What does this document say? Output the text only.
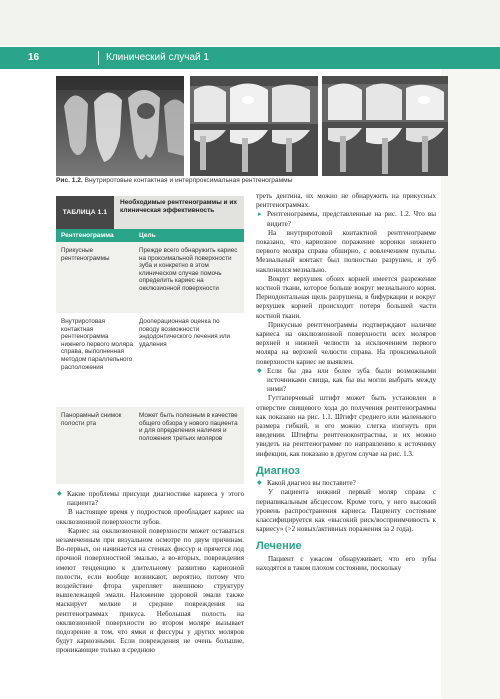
16	Клинический случай 1
Рис. 1.2. Внутриротовые контактная и интерпроксимальная рентгенограммы
ТАБЛИЦА 1.1
Необходимые рентгенограммы и их клиническая эффективность
Рентгенограмма	Цель
Прикусные рентгенограммы
Прежде всего обнаружить кариес на проксимальной поверхности зуба и конкретно в этом клиническом случае помочь определить кариес на окклюзионной поверхности
Внутриротовая контактная рентгенограмма нижнего первого моляра справа, выполненная методом параллельного расположения
Дооперационная оценка по поводу возможности эндодонтического лечения или удаления
Панорамный снимок полости рта
Может быть полезным в качестве общего обзора у нового пациента и для определения наличия и положения третьих моляров

◆ Какие проблемы присущи диагностике кариеса у этого пациента?

В настоящее время у подростков преобладает кариес на окклюзионной поверхности зубов.

Кариес на окклюзионной поверхности может оставаться незамеченным при визуальном осмотре по двум причинам. Во-первых, он начинается на стенках фиссур и прячется под прочной поверхностной эмалью, а во-вторых, повреждения имеют тенденцию к длительному развитию кариозной полости, если вообще возникают, вероятно, потому что воздействие фтора укрепляет внешнюю структуру вышележащей эмали. Наложение здоровой эмали также маскирует мелкие и средние повреждения на рентгенограммах прикуса. Небольшая полость на окклюзионной поверхности во втором моляре вызывает подозрение в том, что ямки и фиссуры у других моляров будут кариозными. Если повреждения не очень большие, проникающие только в среднюю

треть дентина, их можно не обнаружить на прикусных рентгенограммах.

▸ Рентгенограммы, представленные на рис. 1.2. Что вы видите?

На внутриротовой контактной рентгенограмме показано, что кариозное поражение коронки нижнего первого моляра справа обширно, с вовлечением пульпы. Мезиальный контакт был полностью разрушен, и зуб наклонился мезиально.

Вокруг верхушек обоих корней имеется разрежение костной ткани, которое больше вокруг мезиального корня. Периодонтальная щель разрушена, в бифуркации и вокруг верхушек корней происходит потеря большей части костной ткани.

Прикусные рентгенограммы подтверждают наличие кариеса на окклюзионной поверхности всех моляров верхней и нижней челюсти за исключением первого моляра на верхней челюсти справа. На проксимальной поверхности кариес не выявлен.

◆ Если бы два или более зуба были возможными источниками свища, как бы вы могли выбрать между ними?

Гуттаперчевый штифт может быть установлен в отверстие свищевого хода до получения рентгенограммы как показано на рис. 1.1. Штифт среднего или маленького размера гибкий, и его можно слегка изогнуть при введении. Штифты рентгеноконтрастны, и их можно увидеть на рентгенограмме по направлению к источнику инфекции, как показано в другом случае на рис. 1.3.

Диагноз

◆ Какой диагноз вы поставите?

У пациента нижний первый моляр справа с периапикальным абсцессом. Кроме того, у него высокий уровень распространения кариеса. Пациенту состояние классифицируется как «высокий риск/восприимчивость к кариесу» (>2 новых/активных поражения за 2 года).

Лечение

Пациент с ужасом обнаруживает, что его зубы находятся в таком плохом состоянии, поскольку
